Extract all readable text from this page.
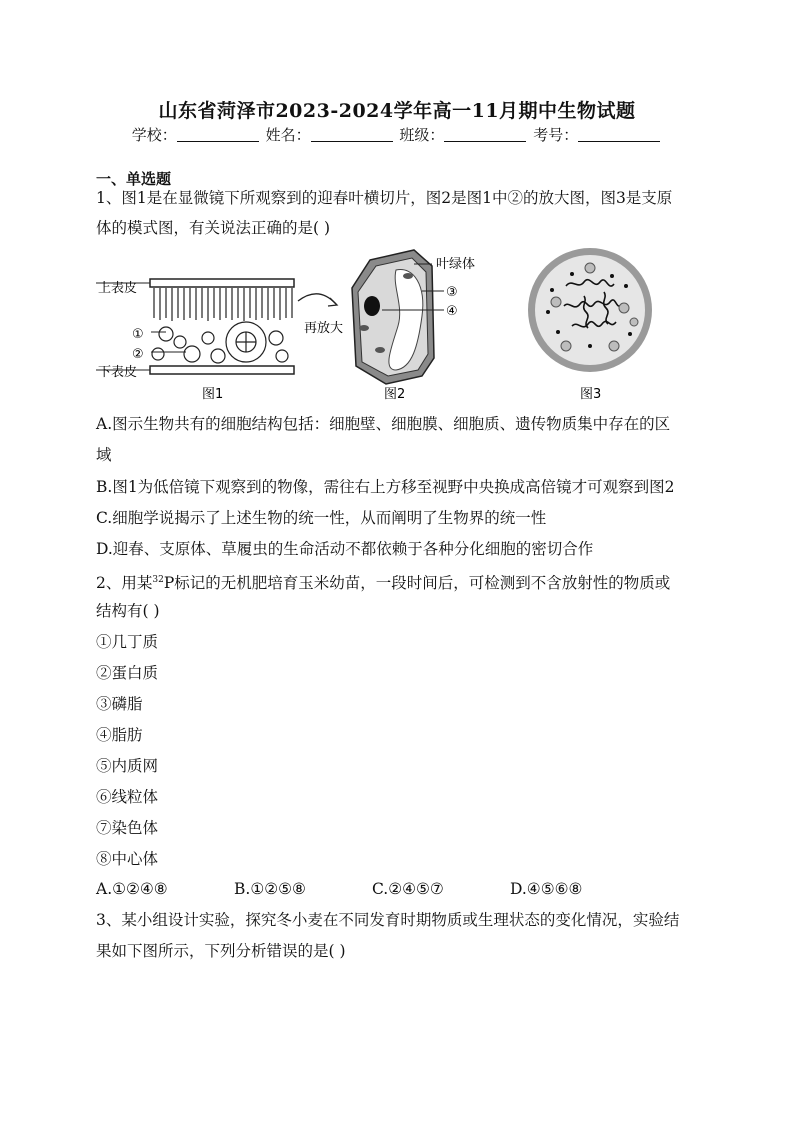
山东省菏泽市2023-2024学年高一11月期中生物试题
学校：	姓名：	班级：	考号：
一、单选题
1、图1是在显微镜下所观察到的迎春叶横切片，图2是图1中②的放大图，图3是支原
体的模式图，有关说法正确的是( )
上表皮
①
②
下表皮
再放大
叶绿体
③
④
图1	图2	图3
A.图示生物共有的细胞结构包括：细胞壁、细胞膜、细胞质、遗传物质集中存在的区
域
B.图1为低倍镜下观察到的物像，需往右上方移至视野中央换成高倍镜才可观察到图2
C.细胞学说揭示了上述生物的统一性，从而阐明了生物界的统一性
D.迎春、支原体、草履虫的生命活动不都依赖于各种分化细胞的密切合作
2、用某$^{32}$P标记的无机肥培育玉米幼苗，一段时间后，可检测到不含放射性的物质或
结构有( )
①几丁质
②蛋白质
③磷脂
④脂肪
⑤内质网
⑥线粒体
⑦染色体
⑧中心体
A.①②④⑧	B.①②⑤⑧	C.②④⑤⑦	D.④⑤⑥⑧
3、某小组设计实验，探究冬小麦在不同发育时期物质或生理状态的变化情况，实验结
果如下图所示，下列分析错误的是( )
